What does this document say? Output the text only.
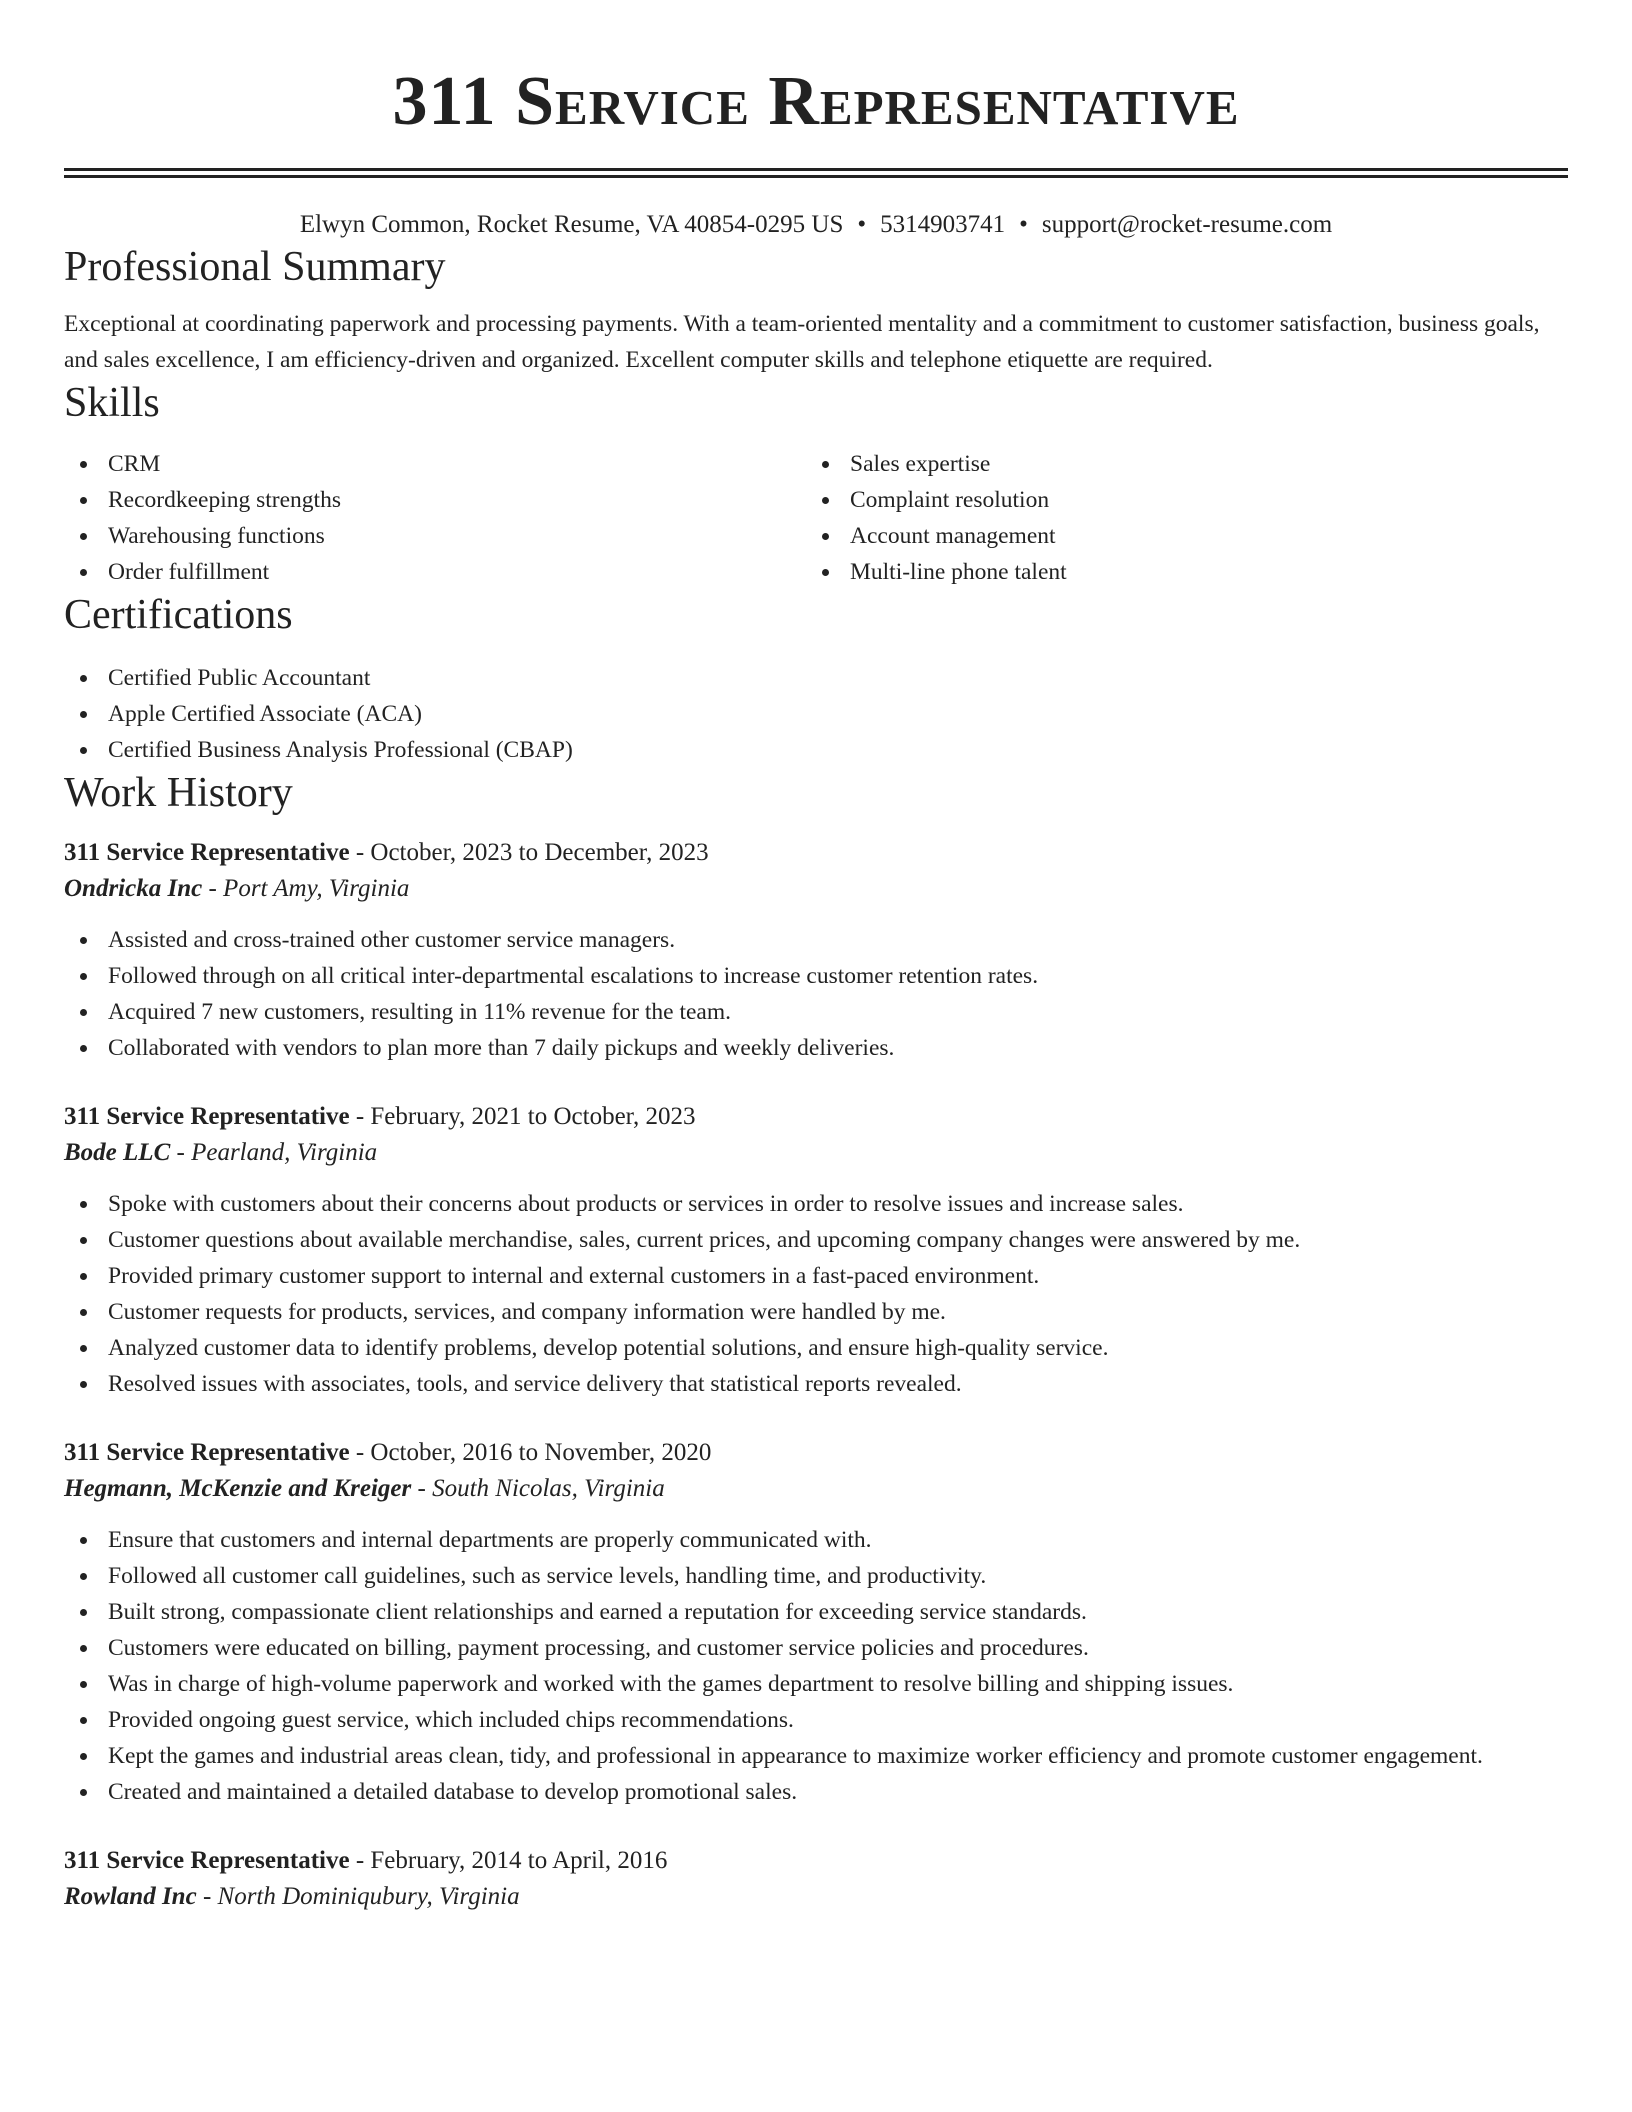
311 Service Representative
Elwyn Common, Rocket Resume, VA 40854-0295 US • 5314903741 • support@rocket-resume.com
Professional Summary

Exceptional at coordinating paperwork and processing payments. With a team-oriented mentality and a commitment to customer satisfaction, business goals, and sales excellence, I am efficiency-driven and organized. Excellent computer skills and telephone etiquette are required.

Skills
CRM
Recordkeeping strengths
Warehousing functions
Order fulfillment
Sales expertise
Complaint resolution
Account management
Multi-line phone talent
Certifications
Certified Public Accountant
Apple Certified Associate (ACA)
Certified Business Analysis Professional (CBAP)
Work History
311 Service Representative - October, 2023 to December, 2023
Ondricka Inc - Port Amy, Virginia
Assisted and cross-trained other customer service managers.
Followed through on all critical inter-departmental escalations to increase customer retention rates.
Acquired 7 new customers, resulting in 11% revenue for the team.
Collaborated with vendors to plan more than 7 daily pickups and weekly deliveries.
311 Service Representative - February, 2021 to October, 2023
Bode LLC - Pearland, Virginia
Spoke with customers about their concerns about products or services in order to resolve issues and increase sales.
Customer questions about available merchandise, sales, current prices, and upcoming company changes were answered by me.
Provided primary customer support to internal and external customers in a fast-paced environment.
Customer requests for products, services, and company information were handled by me.
Analyzed customer data to identify problems, develop potential solutions, and ensure high-quality service.
Resolved issues with associates, tools, and service delivery that statistical reports revealed.
311 Service Representative - October, 2016 to November, 2020
Hegmann, McKenzie and Kreiger - South Nicolas, Virginia
Ensure that customers and internal departments are properly communicated with.
Followed all customer call guidelines, such as service levels, handling time, and productivity.
Built strong, compassionate client relationships and earned a reputation for exceeding service standards.
Customers were educated on billing, payment processing, and customer service policies and procedures.
Was in charge of high-volume paperwork and worked with the games department to resolve billing and shipping issues.
Provided ongoing guest service, which included chips recommendations.
Kept the games and industrial areas clean, tidy, and professional in appearance to maximize worker efficiency and promote customer engagement.
Created and maintained a detailed database to develop promotional sales.
311 Service Representative - February, 2014 to April, 2016
Rowland Inc - North Dominiqubury, Virginia
